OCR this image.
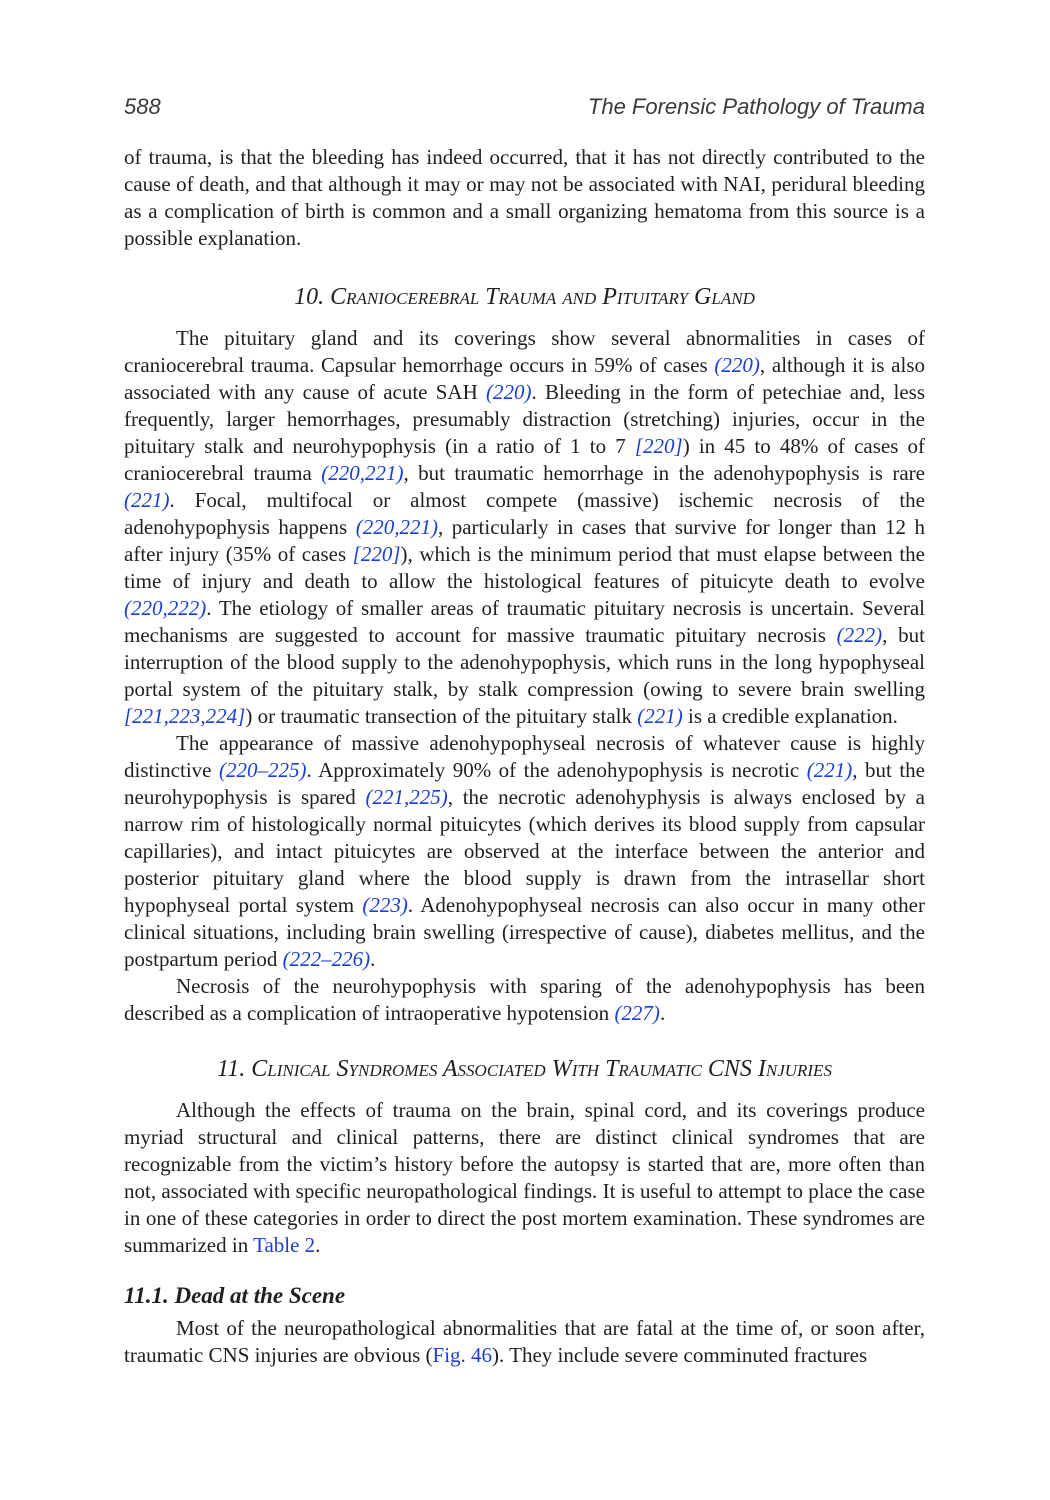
588	The Forensic Pathology of Trauma

of trauma, is that the bleeding has indeed occurred, that it has not directly contributed to the cause of death, and that although it may or may not be associated with NAI, peridural bleeding as a complication of birth is common and a small organizing hematoma from this source is a possible explanation.

10. Craniocerebral Trauma and Pituitary Gland

The pituitary gland and its coverings show several abnormalities in cases of craniocerebral trauma. Capsular hemorrhage occurs in 59% of cases (220), although it is also associated with any cause of acute SAH (220). Bleeding in the form of petechiae and, less frequently, larger hemorrhages, presumably distraction (stretching) injuries, occur in the pituitary stalk and neurohypophysis (in a ratio of 1 to 7 [220]) in 45 to 48% of cases of craniocerebral trauma (220,221), but traumatic hemorrhage in the adenohypophysis is rare (221). Focal, multifocal or almost compete (massive) ischemic necrosis of the adenohypophysis happens (220,221), particularly in cases that survive for longer than 12 h after injury (35% of cases [220]), which is the minimum period that must elapse between the time of injury and death to allow the histological features of pituicyte death to evolve (220,222). The etiology of smaller areas of traumatic pituitary necrosis is uncertain. Several mechanisms are suggested to account for massive traumatic pituitary necrosis (222), but interruption of the blood supply to the adenohypophysis, which runs in the long hypophyseal portal system of the pituitary stalk, by stalk compression (owing to severe brain swelling [221,223,224]) or traumatic transection of the pituitary stalk (221) is a credible explanation.

The appearance of massive adenohypophyseal necrosis of whatever cause is highly distinctive (220–225). Approximately 90% of the adenohypophysis is necrotic (221), but the neurohypophysis is spared (221,225), the necrotic adenohyphysis is always enclosed by a narrow rim of histologically normal pituicytes (which derives its blood supply from capsular capillaries), and intact pituicytes are observed at the interface between the anterior and posterior pituitary gland where the blood supply is drawn from the intrasellar short hypophyseal portal system (223). Adenohypophyseal necrosis can also occur in many other clinical situations, including brain swelling (irrespective of cause), diabetes mellitus, and the postpartum period (222–226).

Necrosis of the neurohypophysis with sparing of the adenohypophysis has been described as a complication of intraoperative hypotension (227).

11. Clinical Syndromes Associated With Traumatic CNS Injuries

Although the effects of trauma on the brain, spinal cord, and its coverings produce myriad structural and clinical patterns, there are distinct clinical syndromes that are recognizable from the victim’s history before the autopsy is started that are, more often than not, associated with specific neuropathological findings. It is useful to attempt to place the case in one of these categories in order to direct the post mortem examination. These syndromes are summarized in Table 2.

11.1. Dead at the Scene

Most of the neuropathological abnormalities that are fatal at the time of, or soon after, traumatic CNS injuries are obvious (Fig. 46). They include severe comminuted fractures
